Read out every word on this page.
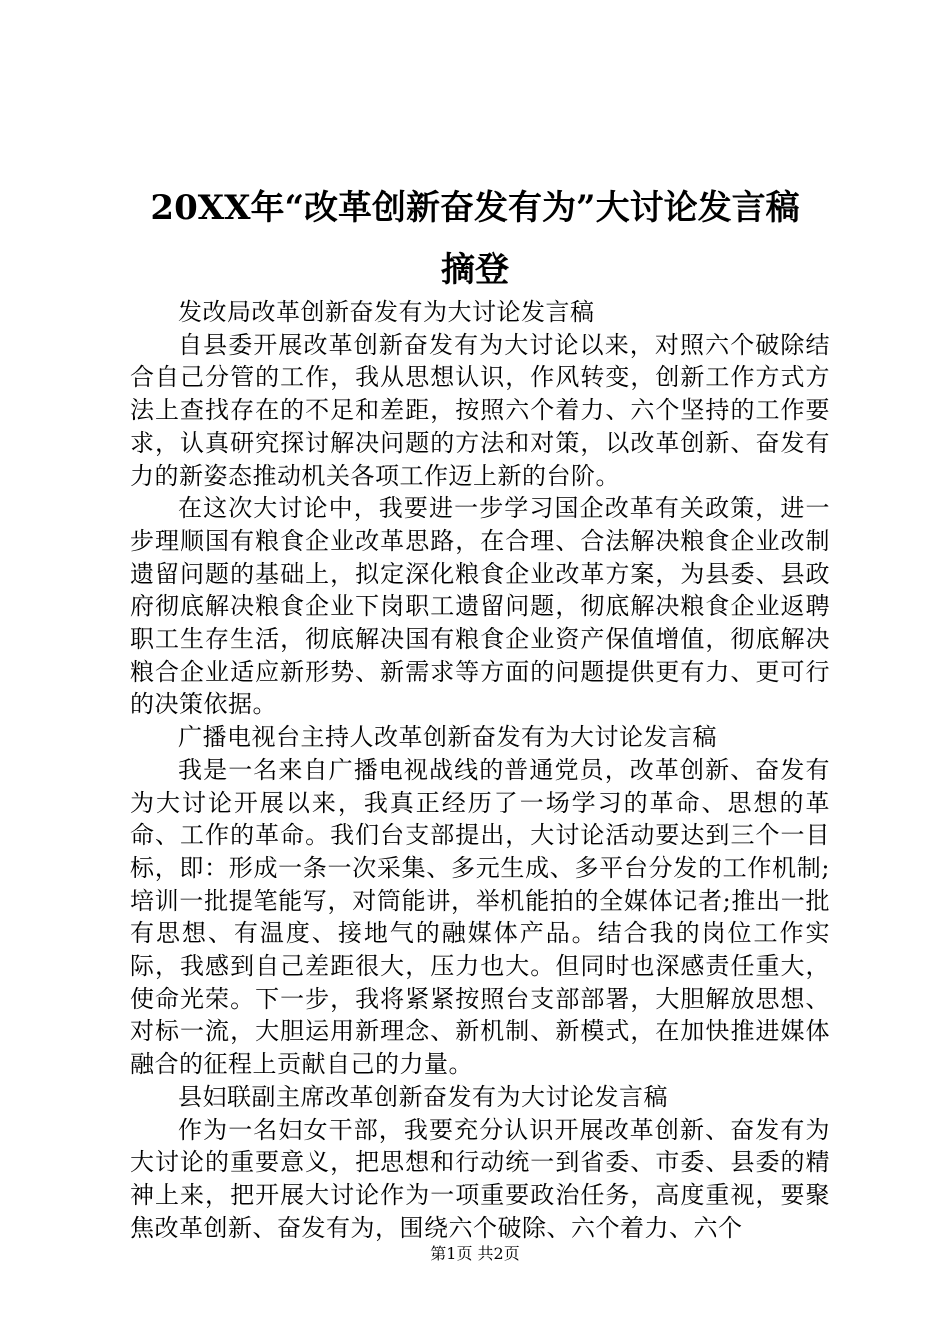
20XX年“改革创新奋发有为”大讨论发言稿
摘登

发改局改革创新奋发有为大讨论发言稿

自县委开展改革创新奋发有为大讨论以来，对照六个破除结合自己分管的工作，我从思想认识，作风转变，创新工作方式方法上查找存在的不足和差距，按照六个着力、六个坚持的工作要求，认真研究探讨解决问题的方法和对策，以改革创新、奋发有力的新姿态推动机关各项工作迈上新的台阶。

在这次大讨论中，我要进一步学习国企改革有关政策，进一步理顺国有粮食企业改革思路，在合理、合法解决粮食企业改制遗留问题的基础上，拟定深化粮食企业改革方案，为县委、县政府彻底解决粮食企业下岗职工遗留问题，彻底解决粮食企业返聘职工生存生活，彻底解决国有粮食企业资产保值增值，彻底解决粮合企业适应新形势、新需求等方面的问题提供更有力、更可行的决策依据。

广播电视台主持人改革创新奋发有为大讨论发言稿

我是一名来自广播电视战线的普通党员，改革创新、奋发有为大讨论开展以来，我真正经历了一场学习的革命、思想的革命、工作的革命。我们台支部提出，大讨论活动要达到三个一目标，即：形成一条一次采集、多元生成、多平台分发的工作机制;培训一批提笔能写，对筒能讲，举机能拍的全媒体记者;推出一批有思想、有温度、接地气的融媒体产品。结合我的岗位工作实际，我感到自己差距很大，压力也大。但同时也深感责任重大，使命光荣。下一步，我将紧紧按照台支部部署，大胆解放思想、对标一流，大胆运用新理念、新机制、新模式，在加快推进媒体融合的征程上贡献自己的力量。

县妇联副主席改革创新奋发有为大讨论发言稿

作为一名妇女干部，我要充分认识开展改革创新、奋发有为大讨论的重要意义，把思想和行动统一到省委、市委、县委的精神上来，把开展大讨论作为一项重要政治任务，高度重视，要聚焦改革创新、奋发有为，围绕六个破除、六个着力、六个

第1页 共2页
